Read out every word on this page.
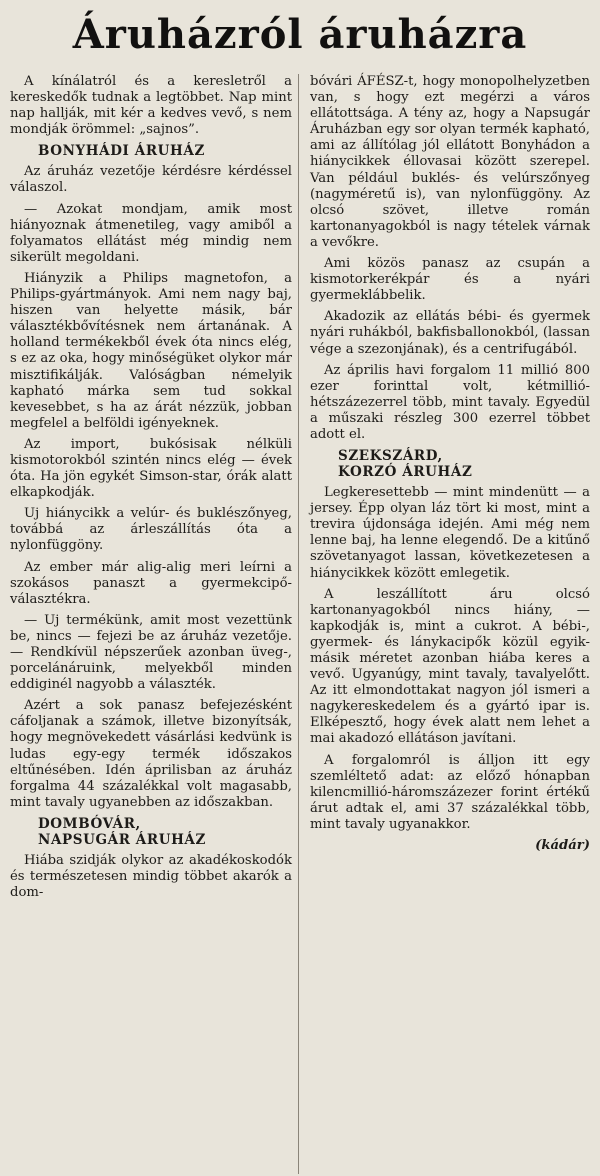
Áruházról áruházra

A kínálatról és a keresletről a kereskedők tudnak a legtöbbet. Nap mint nap hallják, mit kér a kedves vevő, s nem mondják örömmel: „sajnos”.

BONYHÁDI ÁRUHÁZ

Az áruház vezetője kérdésre kérdéssel válaszol.

— Azokat mondjam, amik most hiányoznak átmenetileg, vagy amiből a folyamatos ellátást még mindig nem sikerült megoldani.

Hiányzik a Philips magnetofon, a Philips-gyártmányok. Ami nem nagy baj, hiszen van helyette másik, bár választékbővítésnek nem ártanának. A holland termékekből évek óta nincs elég, s ez az oka, hogy minőségüket olykor már misztifikálják. Valóságban némelyik kapható márka sem tud sokkal kevesebbet, s ha az árát nézzük, jobban megfelel a belföldi igényeknek.

Az import, bukósisak nélküli kismotorokból szintén nincs elég — évek óta. Ha jön egykét Simson-star, órák alatt elkapkodják.

Uj hiánycikk a velúr- és buklészőnyeg, továbbá az árleszállítás óta a nylonfüggöny.

Az ember már alig-alig meri leírni a szokásos panaszt a gyermekcipő-választékra.

— Uj termékünk, amit most vezettünk be, nincs — fejezi be az áruház vezetője. — Rendkívül népszerűek azonban üveg-, porcelánáruink, melyekből minden eddiginél nagyobb a választék.

Azért a sok panasz befejezésként cáfoljanak a számok, illetve bizonyítsák, hogy megnövekedett vásárlási kedvünk is ludas egy-egy termék időszakos eltűnésében. Idén áprilisban az áruház forgalma 44 százalékkal volt magasabb, mint tavaly ugyanebben az időszakban.

DOMBÓVÁR,
NAPSUGÁR ÁRUHÁZ

Hiába szidják olykor az akadékoskodók és természetesen mindig többet akarók a dom-

bóvári ÁFÉSZ-t, hogy monopolhelyzetben van, s hogy ezt megérzi a város ellátottsága. A tény az, hogy a Napsugár Áruházban egy sor olyan termék kapható, ami az állítólag jól ellátott Bonyhádon a hiánycikkek éllovasai között szerepel. Van például buklés- és velúrszőnyeg (nagyméretű is), van nylonfüggöny. Az olcsó szövet, illetve román kartonanyagokból is nagy tételek várnak a vevőkre.

Ami közös panasz az csupán a kismotorkerékpár és a nyári gyermeklábbelik.

Akadozik az ellátás bébi- és gyermek nyári ruhákból, bakfisballonokból, (lassan vége a szezonjának), és a centrifugából.

Az április havi forgalom 11 millió 800 ezer forinttal volt, kétmillió-hétszázezerrel több, mint tavaly. Egyedül a műszaki részleg 300 ezerrel többet adott el.

SZEKSZÁRD,
KORZÓ ÁRUHÁZ

Legkeresettebb — mint mindenütt — a jersey. Épp olyan láz tört ki most, mint a trevira újdonsága idején. Ami még nem lenne baj, ha lenne elegendő. De a kitűnő szövetanyagot lassan, következetesen a hiánycikkek között emlegetik.

A leszállított áru olcsó kartonanyagokból nincs hiány, — kapkodják is, mint a cukrot. A bébi-, gyermek- és lánykacipők közül egyik-másik méretet azonban hiába keres a vevő. Ugyanúgy, mint tavaly, tavalyelőtt. Az itt elmondottakat nagyon jól ismeri a nagykereskedelem és a gyártó ipar is. Elképesztő, hogy évek alatt nem lehet a mai akadozó ellátáson javítani.

A forgalomról is álljon itt egy szemléltető adat: az előző hónapban kilencmillió-háromszázezer forint értékű árut adtak el, ami 37 százalékkal több, mint tavaly ugyanakkor.

(kádár)
